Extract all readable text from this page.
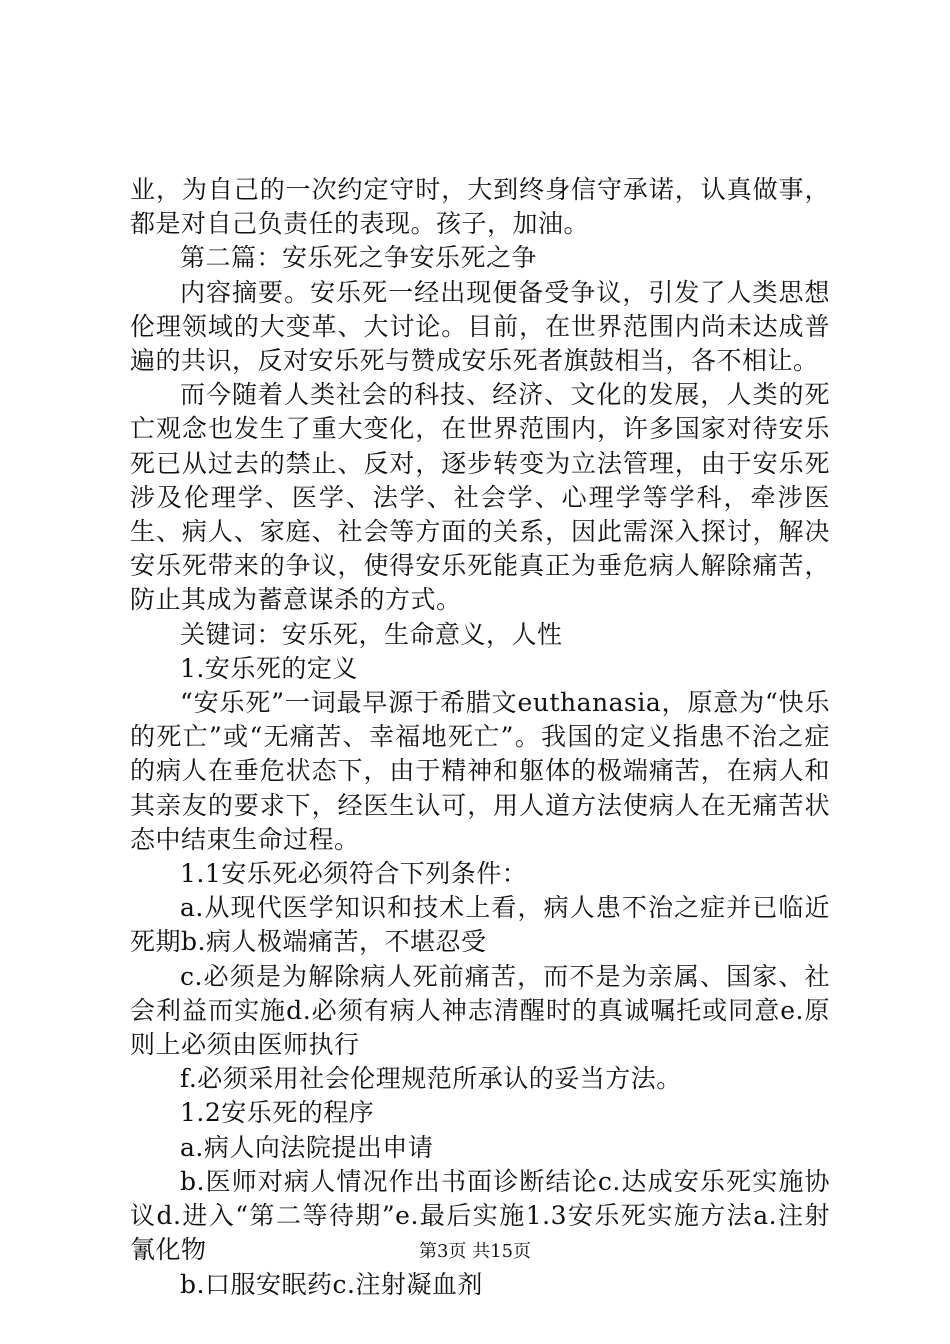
业，为自己的一次约定守时，大到终身信守承诺，认真做事，都是对自己负责任的表现。孩子，加油。

第二篇：安乐死之争安乐死之争

内容摘要。安乐死一经出现便备受争议，引发了人类思想伦理领域的大变革、大讨论。目前，在世界范围内尚未达成普遍的共识，反对安乐死与赞成安乐死者旗鼓相当，各不相让。

而今随着人类社会的科技、经济、文化的发展，人类的死亡观念也发生了重大变化，在世界范围内，许多国家对待安乐死已从过去的禁止、反对，逐步转变为立法管理，由于安乐死涉及伦理学、医学、法学、社会学、心理学等学科，牵涉医生、病人、家庭、社会等方面的关系，因此需深入探讨，解决安乐死带来的争议，使得安乐死能真正为垂危病人解除痛苦，防止其成为蓄意谋杀的方式。

关键词：安乐死，生命意义，人性

1.安乐死的定义

“安乐死”一词最早源于希腊文euthanasia，原意为“快乐的死亡”或“无痛苦、幸福地死亡”。我国的定义指患不治之症的病人在垂危状态下，由于精神和躯体的极端痛苦，在病人和其亲友的要求下，经医生认可，用人道方法使病人在无痛苦状态中结束生命过程。

1.1安乐死必须符合下列条件：

a.从现代医学知识和技术上看，病人患不治之症并已临近死期b.病人极端痛苦，不堪忍受

c.必须是为解除病人死前痛苦，而不是为亲属、国家、社会利益而实施d.必须有病人神志清醒时的真诚嘱托或同意e.原则上必须由医师执行

f.必须采用社会伦理规范所承认的妥当方法。

1.2安乐死的程序

a.病人向法院提出申请

b.医师对病人情况作出书面诊断结论c.达成安乐死实施协议d.进入“第二等待期”e.最后实施1.3安乐死实施方法a.注射氰化物

b.口服安眠药c.注射凝血剂

第3页 共15页
